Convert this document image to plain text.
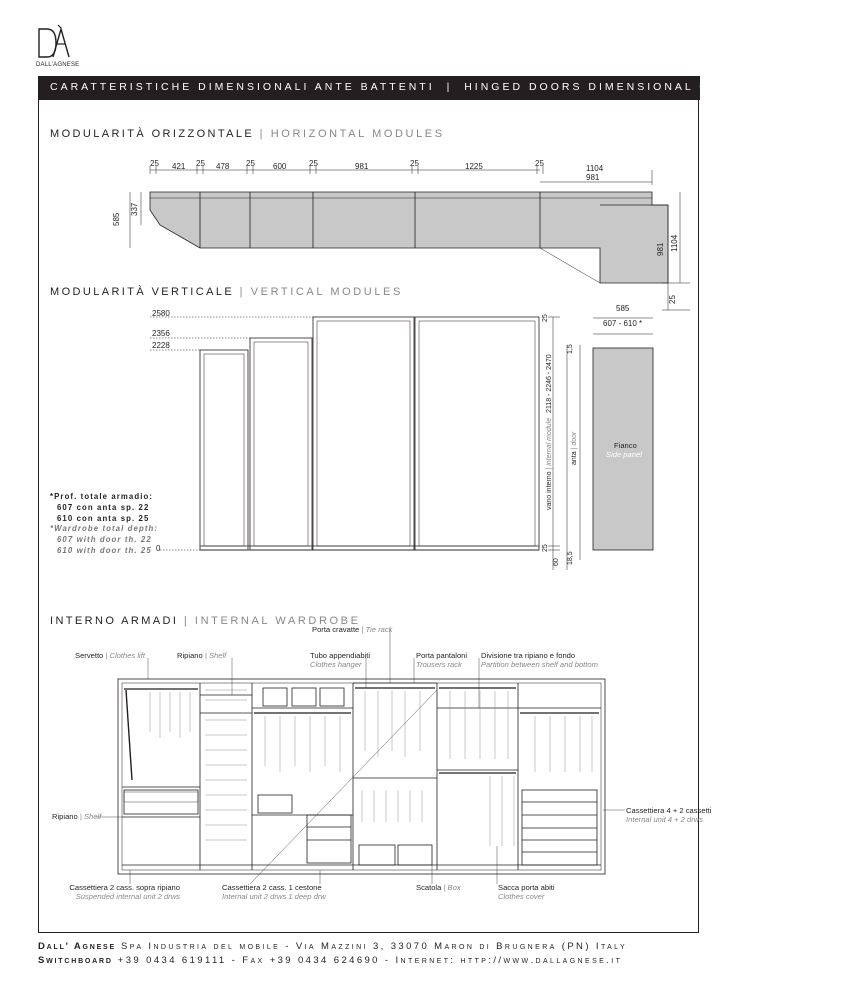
DALL'AGNESE
CARATTERISTICHE DIMENSIONALI ANTE BATTENTI | HINGED DOORS DIMENSIONAL CHARACTERISTICS
MODULARITÀ ORIZZONTALE | HORIZONTAL MODULES
25 421 25 478 25 600	25	981	25	1225	25
1104
981
585
337
981 1104
25
MODULARITÀ VERTICALE | VERTICAL MODULES
2580
2356
2228
0
25
1,5
60
25
18,5
vano interno | internal module 2118 - 2246 - 2470
anta | door
585
607 - 610 *
Fianco
Side panel
*Prof. totale armadio:
607 con anta sp. 22
610 con anta sp. 25
*Wardrobe total depth:
607 with door th. 22
610 with door th. 25
INTERNO ARMADI | INTERNAL WARDROBE
Porta cravatte | Tie rack
Servetto | Clothes lift	Ripiano | Shelf	Tubo appendiabiti
Clothes hanger
Porta pantaloni
Trousers rack
Divisione tra ripiano e fondo
Partition between shelf and bottom
Ripiano | Shelf
Cassettiera 4 + 2 cassetti
Internal unit 4 + 2 drws
Cassettiera 2 cass. sopra ripiano
Suspended internal unit 2 drws
Cassettiera 2 cass. 1 cestone
Internal unit 2 drws 1 deep drw
Scatola | Box	Sacca porta abiti
Clothes cover
Dall' Agnese Spa Industria del mobile - Via Mazzini 3, 33070 Maron di Brugnera (PN) Italy
Switchboard +39 0434 619111 - Fax +39 0434 624690 - Internet: http://www.dallagnese.it
